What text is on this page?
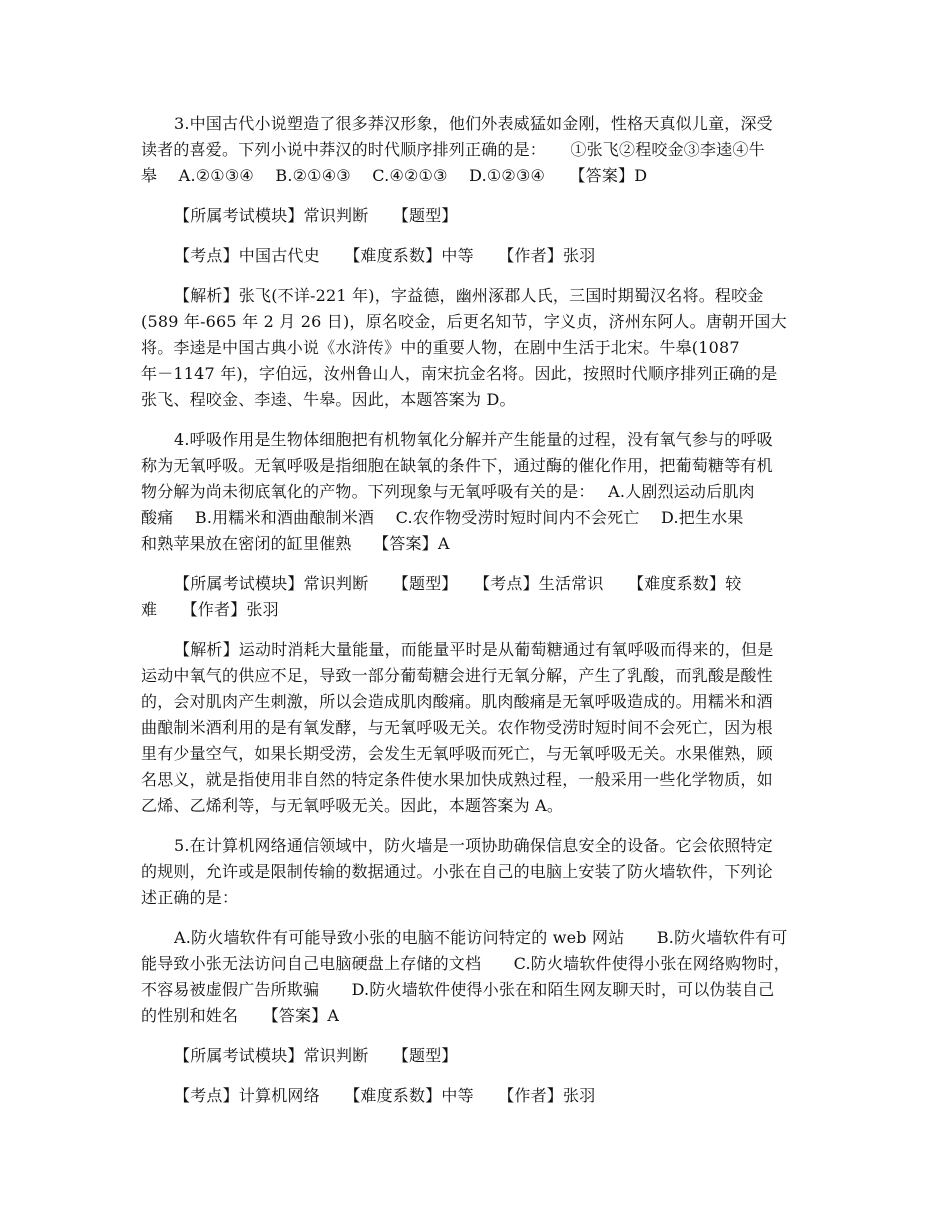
3.中国古代小说塑造了很多莽汉形象，他们外表威猛如金刚，性格天真似儿童，深受
读者的喜爱。下列小说中莽汉的时代顺序排列正确的是：　　①张飞②程咬金③李逵④牛
皋　 A.②①③④　 B.②①④③　 C.④②①③　 D.①②③④　　【答案】D
【所属考试模块】常识判断　　【题型】
【考点】中国古代史　　【难度系数】中等　　【作者】张羽
【解析】张飞(不详-221 年)，字益德，幽州涿郡人氏，三国时期蜀汉名将。程咬金
(589 年-665 年 2 月 26 日)，原名咬金，后更名知节，字义贞，济州东阿人。唐朝开国大
将。李逵是中国古典小说《水浒传》中的重要人物，在剧中生活于北宋。牛皋(1087
年－1147 年)，字伯远，汝州鲁山人，南宋抗金名将。因此，按照时代顺序排列正确的是
张飞、程咬金、李逵、牛皋。因此，本题答案为 D。
4.呼吸作用是生物体细胞把有机物氧化分解并产生能量的过程，没有氧气参与的呼吸
称为无氧呼吸。无氧呼吸是指细胞在缺氧的条件下，通过酶的催化作用，把葡萄糖等有机
物分解为尚未彻底氧化的产物。下列现象与无氧呼吸有关的是：　 A.人剧烈运动后肌肉
酸痛　 B.用糯米和酒曲酿制米酒　 C.农作物受涝时短时间内不会死亡　 D.把生水果
和熟苹果放在密闭的缸里催熟　 【答案】A
【所属考试模块】常识判断　　【题型】　　【考点】生活常识　　【难度系数】较
难　　【作者】张羽
【解析】运动时消耗大量能量，而能量平时是从葡萄糖通过有氧呼吸而得来的，但是
运动中氧气的供应不足，导致一部分葡萄糖会进行无氧分解，产生了乳酸，而乳酸是酸性
的，会对肌肉产生刺激，所以会造成肌肉酸痛。肌肉酸痛是无氧呼吸造成的。用糯米和酒
曲酿制米酒利用的是有氧发酵，与无氧呼吸无关。农作物受涝时短时间不会死亡，因为根
里有少量空气，如果长期受涝，会发生无氧呼吸而死亡，与无氧呼吸无关。水果催熟，顾
名思义，就是指使用非自然的特定条件使水果加快成熟过程，一般采用一些化学物质，如
乙烯、乙烯利等，与无氧呼吸无关。因此，本题答案为 A。
5.在计算机网络通信领域中，防火墙是一项协助确保信息安全的设备。它会依照特定
的规则，允许或是限制传输的数据通过。小张在自己的电脑上安装了防火墙软件，下列论
述正确的是：
A.防火墙软件有可能导致小张的电脑不能访问特定的 web 网站　　B.防火墙软件有可
能导致小张无法访问自己电脑硬盘上存储的文档　　C.防火墙软件使得小张在网络购物时，
不容易被虚假广告所欺骗　　D.防火墙软件使得小张在和陌生网友聊天时，可以伪装自己
的性别和姓名　　【答案】A
【所属考试模块】常识判断　　【题型】
【考点】计算机网络　　【难度系数】中等　　【作者】张羽
